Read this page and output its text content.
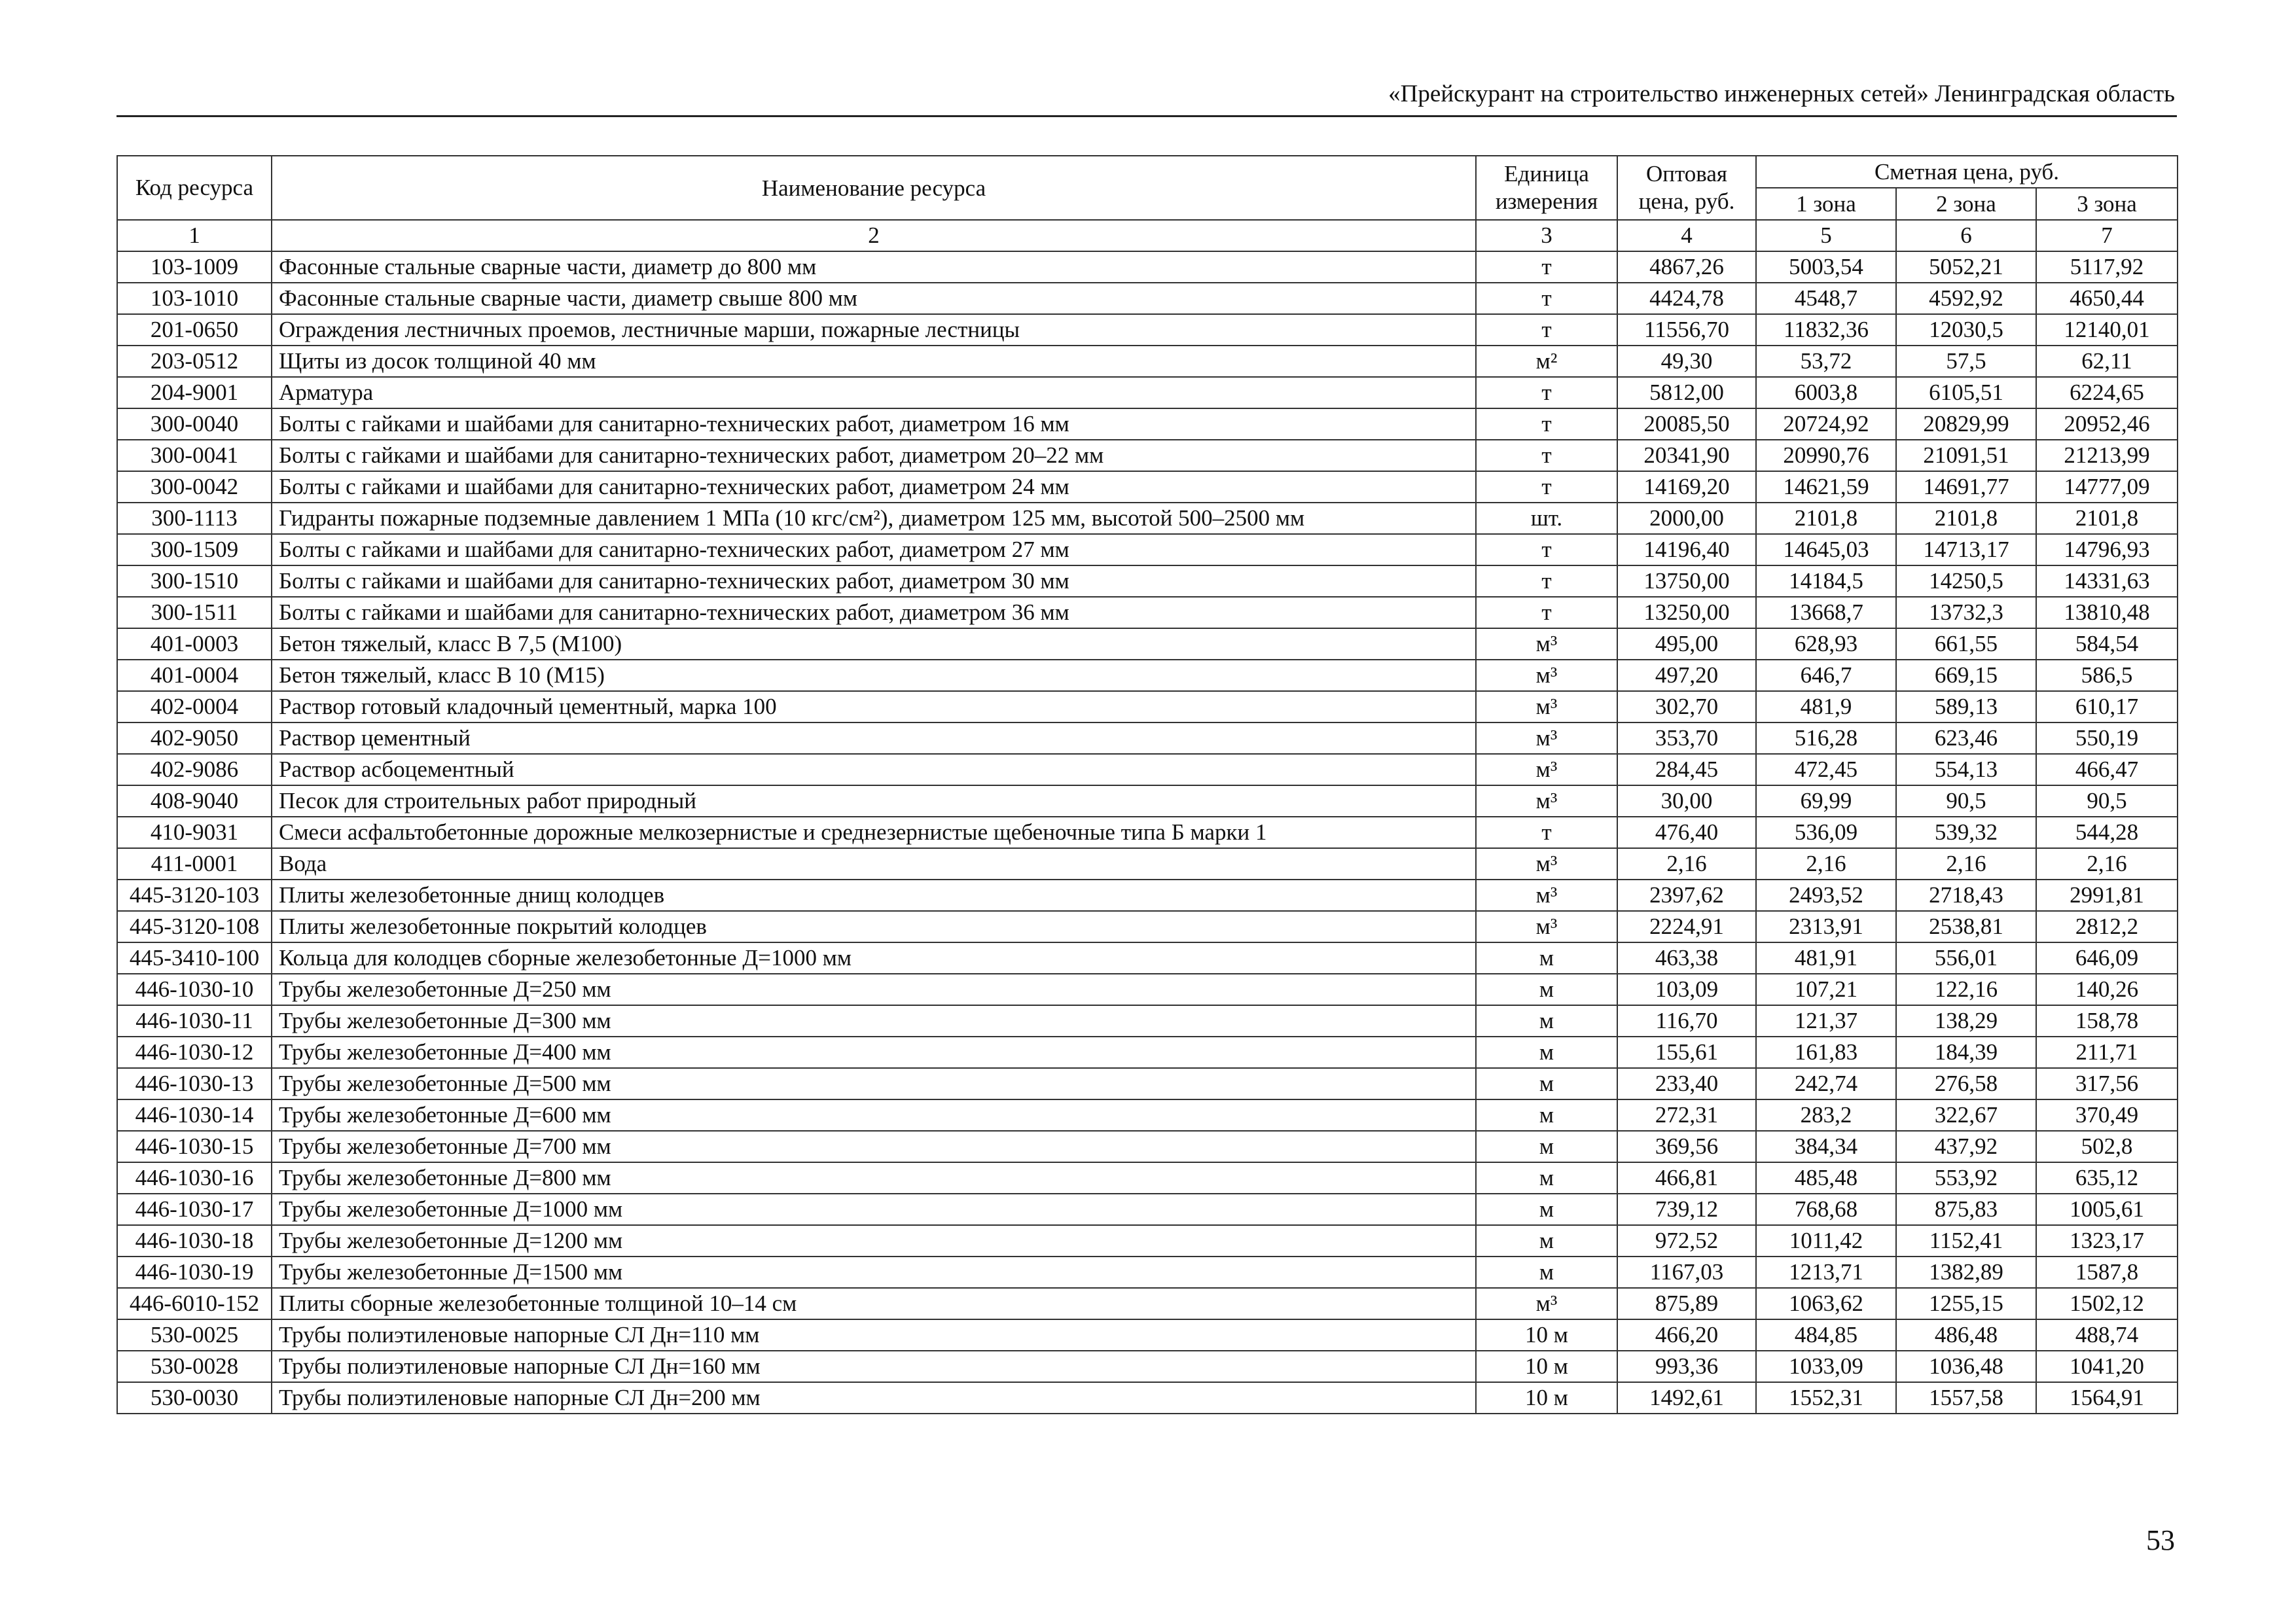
«Прейскурант на строительство инженерных сетей» Ленинградская область
Код ресурса	Наименование ресурса	Единица измерения	Оптовая цена, руб.	Сметная цена, руб.		
				1 зона	2 зона	3 зона
1	2	3	4	5	6	7
103-1009	Фасонные стальные сварные части, диаметр до 800 мм	т	4867,26	5003,54	5052,21	5117,92
103-1010	Фасонные стальные сварные части, диаметр свыше 800 мм	т	4424,78	4548,7	4592,92	4650,44
201-0650	Ограждения лестничных проемов, лестничные марши, пожарные лестницы	т	11556,70	11832,36	12030,5	12140,01
203-0512	Щиты из досок толщиной 40 мм	м²	49,30	53,72	57,5	62,11
204-9001	Арматура	т	5812,00	6003,8	6105,51	6224,65
300-0040	Болты с гайками и шайбами для санитарно-технических работ, диаметром 16 мм	т	20085,50	20724,92	20829,99	20952,46
300-0041	Болты с гайками и шайбами для санитарно-технических работ, диаметром 20–22 мм	т	20341,90	20990,76	21091,51	21213,99
300-0042	Болты с гайками и шайбами для санитарно-технических работ, диаметром 24 мм	т	14169,20	14621,59	14691,77	14777,09
300-1113	Гидранты пожарные подземные давлением 1 МПа (10 кгс/см²), диаметром 125 мм, высотой 500–2500 мм	шт.	2000,00	2101,8	2101,8	2101,8
300-1509	Болты с гайками и шайбами для санитарно-технических работ, диаметром 27 мм	т	14196,40	14645,03	14713,17	14796,93
300-1510	Болты с гайками и шайбами для санитарно-технических работ, диаметром 30 мм	т	13750,00	14184,5	14250,5	14331,63
300-1511	Болты с гайками и шайбами для санитарно-технических работ, диаметром 36 мм	т	13250,00	13668,7	13732,3	13810,48
401-0003	Бетон тяжелый, класс В 7,5 (М100)	м³	495,00	628,93	661,55	584,54
401-0004	Бетон тяжелый, класс В 10 (М15)	м³	497,20	646,7	669,15	586,5
402-0004	Раствор готовый кладочный цементный, марка 100	м³	302,70	481,9	589,13	610,17
402-9050	Раствор цементный	м³	353,70	516,28	623,46	550,19
402-9086	Раствор асбоцементный	м³	284,45	472,45	554,13	466,47
408-9040	Песок для строительных работ природный	м³	30,00	69,99	90,5	90,5
410-9031	Смеси асфальтобетонные дорожные мелкозернистые и среднезернистые щебеночные типа Б марки 1	т	476,40	536,09	539,32	544,28
411-0001	Вода	м³	2,16	2,16	2,16	2,16
445-3120-103	Плиты железобетонные днищ колодцев	м³	2397,62	2493,52	2718,43	2991,81
445-3120-108	Плиты железобетонные покрытий колодцев	м³	2224,91	2313,91	2538,81	2812,2
445-3410-100	Кольца для колодцев сборные железобетонные Д=1000 мм	м	463,38	481,91	556,01	646,09
446-1030-10	Трубы железобетонные Д=250 мм	м	103,09	107,21	122,16	140,26
446-1030-11	Трубы железобетонные Д=300 мм	м	116,70	121,37	138,29	158,78
446-1030-12	Трубы железобетонные Д=400 мм	м	155,61	161,83	184,39	211,71
446-1030-13	Трубы железобетонные Д=500 мм	м	233,40	242,74	276,58	317,56
446-1030-14	Трубы железобетонные Д=600 мм	м	272,31	283,2	322,67	370,49
446-1030-15	Трубы железобетонные Д=700 мм	м	369,56	384,34	437,92	502,8
446-1030-16	Трубы железобетонные Д=800 мм	м	466,81	485,48	553,92	635,12
446-1030-17	Трубы железобетонные Д=1000 мм	м	739,12	768,68	875,83	1005,61
446-1030-18	Трубы железобетонные Д=1200 мм	м	972,52	1011,42	1152,41	1323,17
446-1030-19	Трубы железобетонные Д=1500 мм	м	1167,03	1213,71	1382,89	1587,8
446-6010-152	Плиты сборные железобетонные толщиной 10–14 см	м³	875,89	1063,62	1255,15	1502,12
530-0025	Трубы полиэтиленовые напорные СЛ Дн=110 мм	10 м	466,20	484,85	486,48	488,74
530-0028	Трубы полиэтиленовые напорные СЛ Дн=160 мм	10 м	993,36	1033,09	1036,48	1041,20
530-0030	Трубы полиэтиленовые напорные СЛ Дн=200 мм	10 м	1492,61	1552,31	1557,58	1564,91
53
